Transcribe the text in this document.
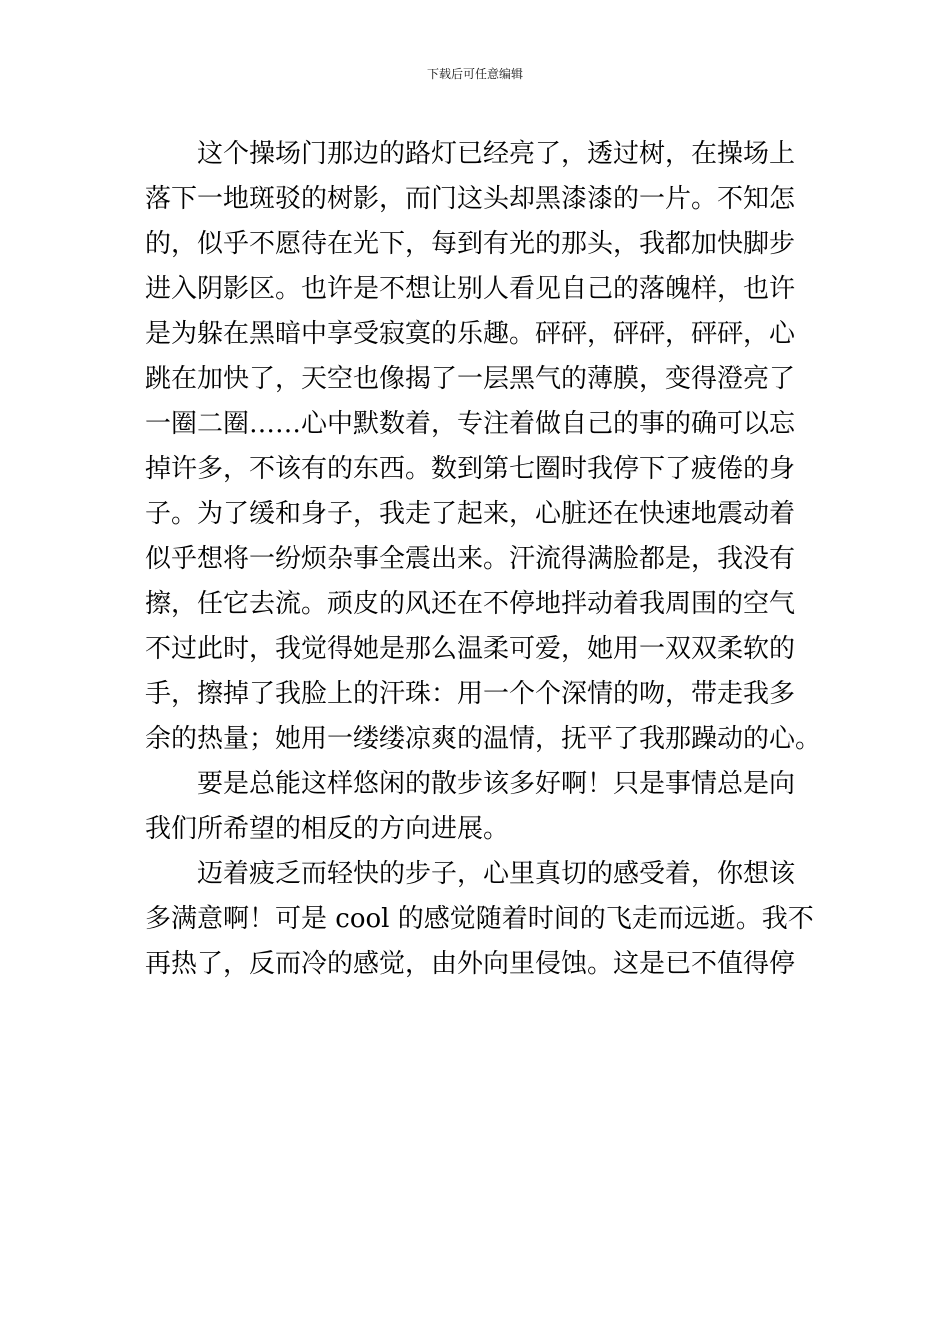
下载后可任意编辑
这个操场门那边的路灯已经亮了，透过树，在操场上
落下一地斑驳的树影，而门这头却黑漆漆的一片。不知怎
的，似乎不愿待在光下，每到有光的那头，我都加快脚步
进入阴影区。也许是不想让别人看见自己的落魄样，也许
是为躲在黑暗中享受寂寞的乐趣。砰砰，砰砰，砰砰，心
跳在加快了，天空也像揭了一层黑气的薄膜，变得澄亮了
一圈二圈……心中默数着，专注着做自己的事的确可以忘
掉许多，不该有的东西。数到第七圈时我停下了疲倦的身
子。为了缓和身子，我走了起来，心脏还在快速地震动着
似乎想将一纷烦杂事全震出来。汗流得满脸都是，我没有
擦，任它去流。顽皮的风还在不停地拌动着我周围的空气
不过此时，我觉得她是那么温柔可爱，她用一双双柔软的
手，擦掉了我脸上的汗珠：用一个个深情的吻，带走我多
余的热量；她用一缕缕凉爽的温情，抚平了我那躁动的心。
要是总能这样悠闲的散步该多好啊！只是事情总是向
我们所希望的相反的方向进展。
迈着疲乏而轻快的步子，心里真切的感受着，你想该
多满意啊！可是 cool 的感觉随着时间的飞走而远逝。我不
再热了，反而冷的感觉，由外向里侵蚀。这是已不值得停
